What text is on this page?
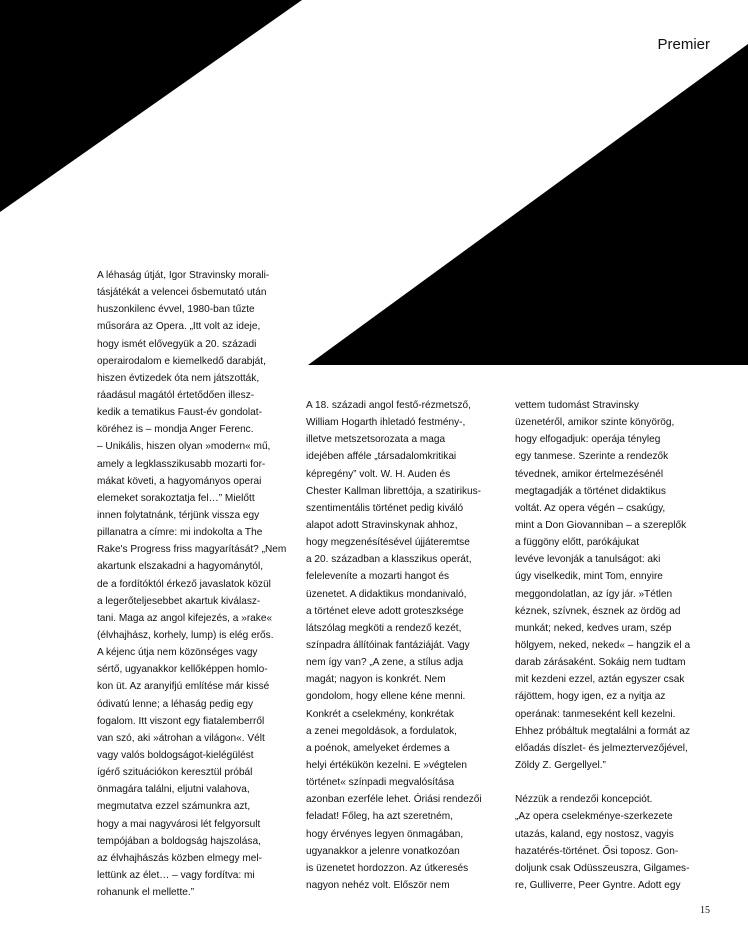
Premier
A léhaság útját, Igor Stravinsky morali-
tásjátékát a velencei ősbemutató után
huszonkilenc évvel, 1980-ban tűzte
műsorára az Opera. „Itt volt az ideje,
hogy ismét elővegyük a 20. századi
operairodalom e kiemelkedő darabját,
hiszen évtizedek óta nem játszották,
ráadásul magától értetődően illesz-
kedik a tematikus Faust-év gondolat-
köréhez is – mondja Anger Ferenc.
– Unikális, hiszen olyan »modern« mű,
amely a legklasszikusabb mozarti for-
mákat követi, a hagyományos operai
elemeket sorakoztatja fel…” Mielőtt
innen folytatnánk, térjünk vissza egy
pillanatra a címre: mi indokolta a The
Rake's Progress friss magyarítását? „Nem
akartunk elszakadni a hagyománytól,
de a fordítóktól érkező javaslatok közül
a legerőteljesebbet akartuk kiválasz-
tani. Maga az angol kifejezés, a »rake«
(élvhajhász, korhely, lump) is elég erős.
A kéjenc útja nem közönséges vagy
sértő, ugyanakkor kellőképpen homlo-
kon üt. Az aranyifjú említése már kissé
ódivatú lenne; a léhaság pedig egy
fogalom. Itt viszont egy fiatalemberről
van szó, aki »átrohan a világon«. Vélt
vagy valós boldogságot-kielégülést
ígérő szituációkon keresztül próbál
önmagára találni, eljutni valahova,
megmutatva ezzel számunkra azt,
hogy a mai nagyvárosi lét felgyorsult
tempójában a boldogság hajszolása,
az élvhajhászás közben elmegy mel-
lettünk az élet… – vagy fordítva: mi
rohanunk el mellette.”
A 18. századi angol festő-rézmetsző,
William Hogarth ihletadó festmény-,
illetve metszetsorozata a maga
idejében afféle „társadalomkritikai
képregény” volt. W. H. Auden és
Chester Kallman librettója, a szatirikus-
szentimentális történet pedig kiváló
alapot adott Stravinskynak ahhoz,
hogy megzenésítésével újjáteremtse
a 20. században a klasszikus operát,
feleleveníte a mozarti hangot és
üzenetet. A didaktikus mondanivaló,
a történet eleve adott groteszksége
látszólag megköti a rendező kezét,
színpadra állítóinak fantáziáját. Vagy
nem így van? „A zene, a stílus adja
magát; nagyon is konkrét. Nem
gondolom, hogy ellene kéne menni.
Konkrét a cselekmény, konkrétak
a zenei megoldások, a fordulatok,
a poénok, amelyeket érdemes a
helyi értékükön kezelni. E »végtelen
történet« színpadi megvalósítása
azonban ezerféle lehet. Óriási rendezői
feladat! Főleg, ha azt szeretném,
hogy érvényes legyen önmagában,
ugyanakkor a jelenre vonatkozóan
is üzenetet hordozzon. Az útkeresés
nagyon nehéz volt. Először nem
vettem tudomást Stravinsky
üzenetéről, amikor szinte könyörög,
hogy elfogadjuk: operája tényleg
egy tanmese. Szerinte a rendezők
tévednek, amikor értelmezésénél
megtagadják a történet didaktikus
voltát. Az opera végén – csakúgy,
mint a Don Giovanniban – a szereplők
a függöny előtt, parókájukat
levéve levonják a tanulságot: aki
úgy viselkedik, mint Tom, ennyire
meggondolatlan, az így jár. »Tétlen
kéznek, szívnek, észnek az ördög ad
munkát; neked, kedves uram, szép
hölgyem, neked, neked« – hangzik el a
darab zárásaként. Sokáig nem tudtam
mit kezdeni ezzel, aztán egyszer csak
rájöttem, hogy igen, ez a nyitja az
operának: tanmeseként kell kezelni.
Ehhez próbáltuk megtalálni a formát az
előadás díszlet- és jelmeztervezőjével,
Zöldy Z. Gergellyel.”
Nézzük a rendezői koncepciót.
„Az opera cselekménye-szerkezete
utazás, kaland, egy nostosz, vagyis
hazatérés-történet. Ősi toposz. Gon-
doljunk csak Odüsszeuszra, Gilgames-
re, Gulliverre, Peer Gyntre. Adott egy
15
